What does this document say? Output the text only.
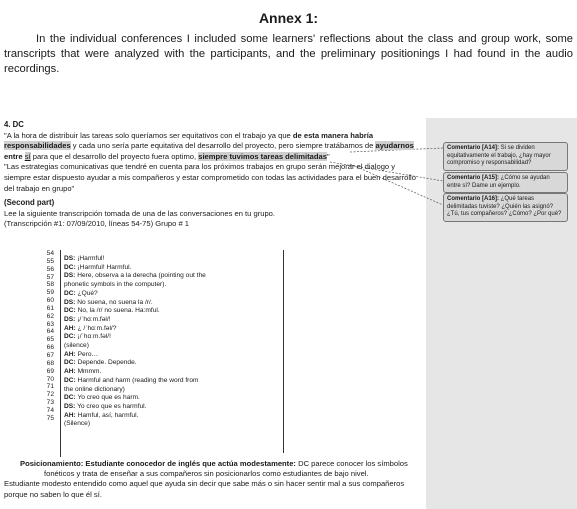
Annex 1:
In the individual conferences I included some learners' reflections about the class and group work, some transcripts that were analyzed with the participants, and the preliminary positionings I had found in the audio recordings.
4. DC
"A la hora de distribuir las tareas solo queríamos ser equitativos con el trabajo ya que de esta manera habría responsabilidades y cada uno sería parte equitativa del desarrollo del proyecto, pero siempre tratábamos de ayudarnos entre sí para que el desarrollo del proyecto fuera optimo, siempre tuvimos tareas delimitadas"
"Las estrategias comunicativas que tendré en cuenta para los próximos trabajos en grupo serán mejorar el dialogo y siempre estar dispuesto ayudar a mis compañeros y estar comprometido con todas las actividades para el buen desarrollo del trabajo en grupo"
(Second part)
Lee la siguiente transcripción tomada de una de las conversaciones en tu grupo.
(Transcripción #1: 07/09/2010, líneas 54-75) Grupo # 1
Comentario [A14]: Si se dividen equitativamente el trabajo, ¿hay mayor compromiso y responsabilidad?
Comentario [A15]: ¿Cómo se ayudan entre sí? Dame un ejemplo.
Comentario [A16]: ¿Qué tareas delimitadas tuviste? ¿Quién las asignó? ¿Tú, tus compañeros? ¿Cómo? ¿Por qué?
54
55
56
57
58
59
60
61
62
63
64
65
66
67
68
69
70
71
72
73
74
75
DS: ¡Harmful!
DC: ¡Harmful! Harmful.
DS: Here, observa a la derecha (pointing out the
phonetic symbols in the computer).
DC: ¿Qué?
DS: No suena, no suena la /r/.
DC: No, la /r/ no suena. Ha:mful.
DS: ¡/ˈhɑːm.fəl/!
AH: ¿ /ˈhɑːm.fəl/?
DC: ¡/ˈhɑːm.fəl/!
(silence)
AH: Pero…
DC: Depende. Depende.
AH: Mmmm.
DC: Harmful and harm (reading the word from
the online dictionary)
DC: Yo creo que es harm.
DS: Yo creo que es harmful.
AH: Hamful, así, harmful.
(Silence)
Posicionamiento: Estudiante conocedor de inglés que actúa modestamente: DC parece conocer los símbolos
fonéticos y trata de enseñar a sus compañeros sin posicionarlos como estudiantes de bajo nivel.
Estudiante modesto entendido como aquel que ayuda sin decir que sabe más o sin hacer sentir mal a sus compañeros porque no saben lo que él sí.
